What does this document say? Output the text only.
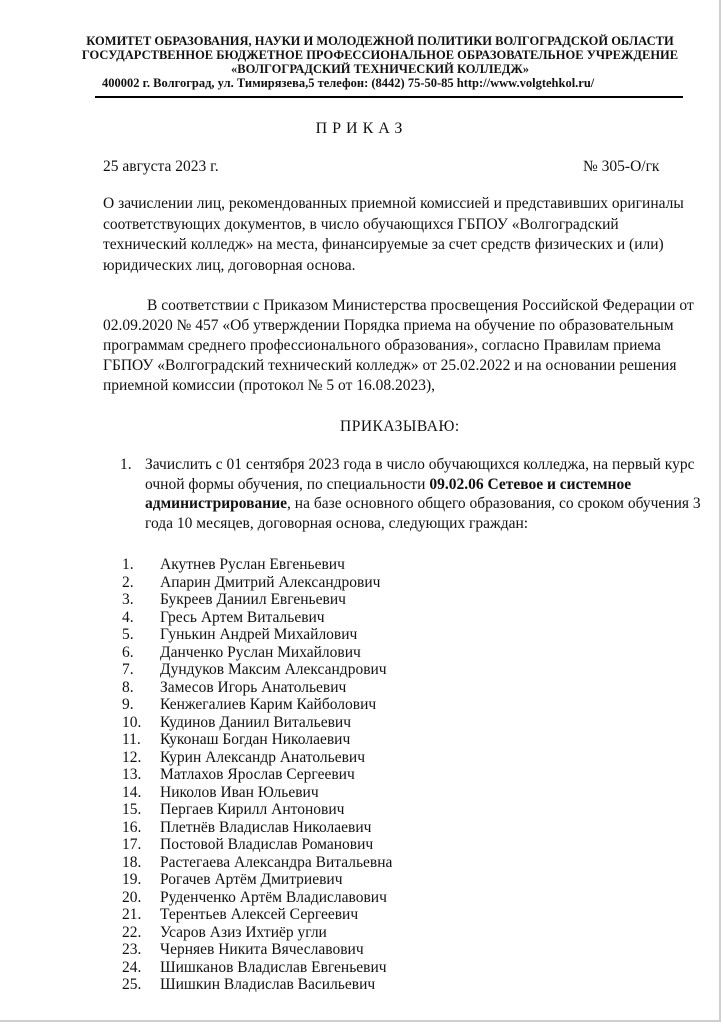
КОМИТЕТ ОБРАЗОВАНИЯ, НАУКИ И МОЛОДЕЖНОЙ ПОЛИТИКИ ВОЛГОГРАДСКОЙ ОБЛАСТИ
ГОСУДАРСТВЕННОЕ БЮДЖЕТНОЕ ПРОФЕССИОНАЛЬНОЕ ОБРАЗОВАТЕЛЬНОЕ УЧРЕЖДЕНИЕ
«ВОЛГОГРАДСКИЙ ТЕХНИЧЕСКИЙ КОЛЛЕДЖ»
400002 г. Волгоград, ул. Тимирязева,5 телефон: (8442) 75-50-85 http://www.volgtehkol.ru/
ПРИКАЗ
25 августа 2023 г.	№ 305-О/гк
О зачислении лиц, рекомендованных приемной комиссией и представивших оригиналы соответствующих документов, в число обучающихся ГБПОУ «Волгоградский технический колледж» на места, финансируемые за счет средств физических и (или) юридических лиц, договорная основа.

В соответствии с Приказом Министерства просвещения Российской Федерации от 02.09.2020 № 457 «Об утверждении Порядка приема на обучение по образовательным программам среднего профессионального образования», согласно Правилам приема ГБПОУ «Волгоградский технический колледж» от 25.02.2022 и на основании решения приемной комиссии (протокол № 5 от 16.08.2023),

ПРИКАЗЫВАЮ:
1. Зачислить с 01 сентября 2023 года в число обучающихся колледжа, на первый курс очной формы обучения, по специальности 09.02.06 Сетевое и системное администрирование, на базе основного общего образования, со сроком обучения 3 года 10 месяцев, договорная основа, следующих граждан:
1.	Акутнев Руслан Евгеньевич
2.	Апарин Дмитрий Александрович
3.	Букреев Даниил Евгеньевич
4.	Гресь Артем Витальевич
5.	Гунькин Андрей Михайлович
6.	Данченко Руслан Михайлович
7.	Дундуков Максим Александрович
8.	Замесов Игорь Анатольевич
9.	Кенжегалиев Карим Кайболович
10.	Кудинов Даниил Витальевич
11.	Куконаш Богдан Николаевич
12.	Курин Александр Анатольевич
13.	Матлахов Ярослав Сергеевич
14.	Николов Иван Юльевич
15.	Пергаев Кирилл Антонович
16.	Плетнёв Владислав Николаевич
17.	Постовой Владислав Романович
18.	Растегаева Александра Витальевна
19.	Рогачев Артём Дмитриевич
20.	Руденченко Артём Владиславович
21.	Терентьев Алексей Сергеевич
22.	Усаров Азиз Ихтиёр угли
23.	Черняев Никита Вячеславович
24.	Шишканов Владислав Евгеньевич
25.	Шишкин Владислав Васильевич
